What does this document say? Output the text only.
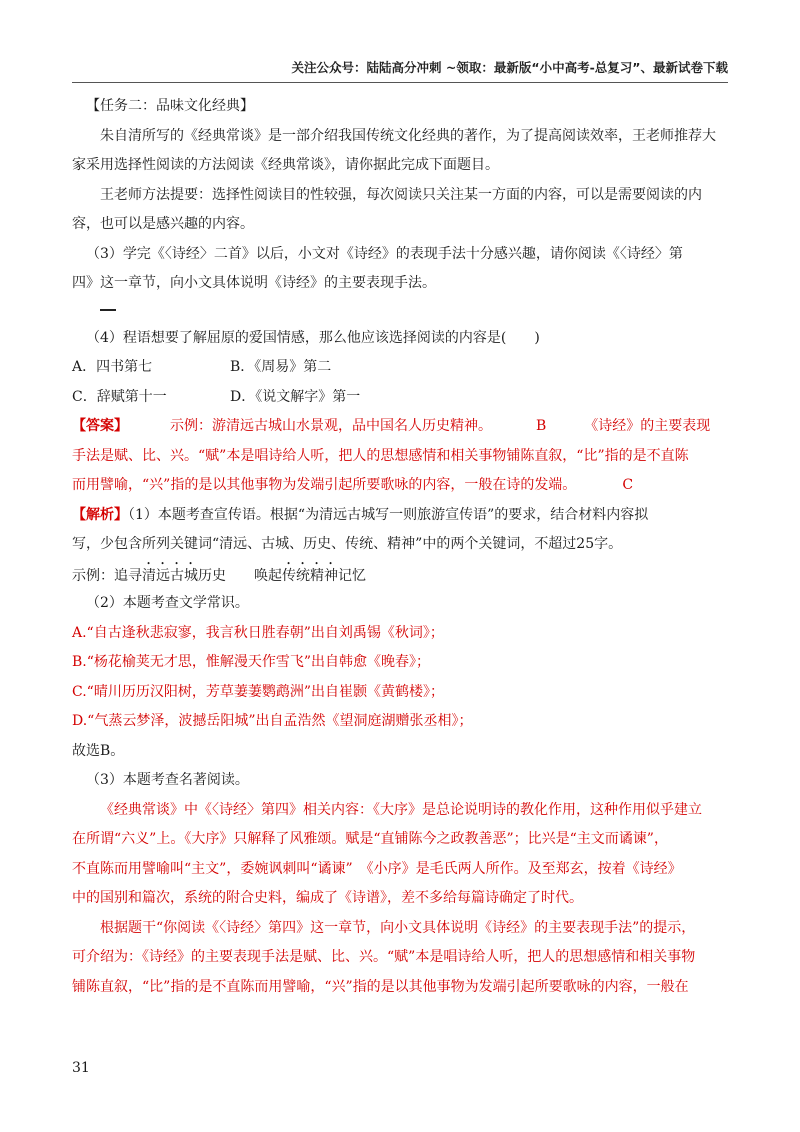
关注公众号：陆陆高分冲刺 ~领取：最新版“小中高考-总复习”、最新试卷下载
【任务二：品味文化经典】
朱自清所写的《经典常谈》是一部介绍我国传统文化经典的著作，为了提高阅读效率，王老师推荐大
家采用选择性阅读的方法阅读《经典常谈》，请你据此完成下面题目。
王老师方法提要：选择性阅读目的性较强，每次阅读只关注某一方面的内容，可以是需要阅读的内
容，也可以是感兴趣的内容。
（3）学完《〈诗经〉二首》以后，小文对《诗经》的表现手法十分感兴趣，请你阅读《〈诗经〉第
四》这一章节，向小文具体说明《诗经》的主要表现手法。
（4）程语想要了解屈原的爱国情感，那么他应该选择阅读的内容是(　　)
A．四书第七	B．《周易》第二
C．辞赋第十一	D．《说文解字》第一
【答案】	示例：游清远古城山水景观，品中国名人历史精神。	B	《诗经》的主要表现
手法是赋、比、兴。“赋”本是唱诗给人听，把人的思想感情和相关事物铺陈直叙，“比”指的是不直陈
而用譬喻，“兴”指的是以其他事物为发端引起所要歌咏的内容，一般在诗的发端。	C
【解析】（1）本题考查宣传语。根据“为清远古城写一则旅游宣传语”的要求，结合材料内容拟
写，少包含所列关键词“清远、古城、历史、传统、精神”中的两个关键词，不超过25字。
示例：追寻清远古城历史 唤起传统精神记忆
（2）本题考查文学常识。
A.“自古逢秋悲寂寥，我言秋日胜春朝”出自刘禹锡《秋词》；
B.“杨花榆荚无才思，惟解漫天作雪飞”出自韩愈《晚春》；
C.“晴川历历汉阳树，芳草萋萋鹦鹉洲”出自崔颢《黄鹤楼》；
D.“气蒸云梦泽，波撼岳阳城”出自孟浩然《望洞庭湖赠张丞相》；
故选B。
（3）本题考查名著阅读。
《经典常谈》中《〈诗经〉第四》相关内容：《大序》是总论说明诗的教化作用，这种作用似乎建立
在所谓“六义”上。《大序》只解释了风雅颂。赋是“直铺陈今之政教善恶”；比兴是“主文而谲谏”，
不直陈而用譬喻叫“主文”，委婉讽刺叫“谲谏”　《小序》是毛氏两人所作。及至郑玄，按着《诗经》
中的国别和篇次，系统的附合史料，编成了《诗谱》，差不多给每篇诗确定了时代。
根据题干“你阅读《〈诗经〉第四》这一章节，向小文具体说明《诗经》的主要表现手法”的提示，
可介绍为：《诗经》的主要表现手法是赋、比、兴。“赋”本是唱诗给人听，把人的思想感情和相关事物
铺陈直叙，“比”指的是不直陈而用譬喻，“兴”指的是以其他事物为发端引起所要歌咏的内容，一般在
31
